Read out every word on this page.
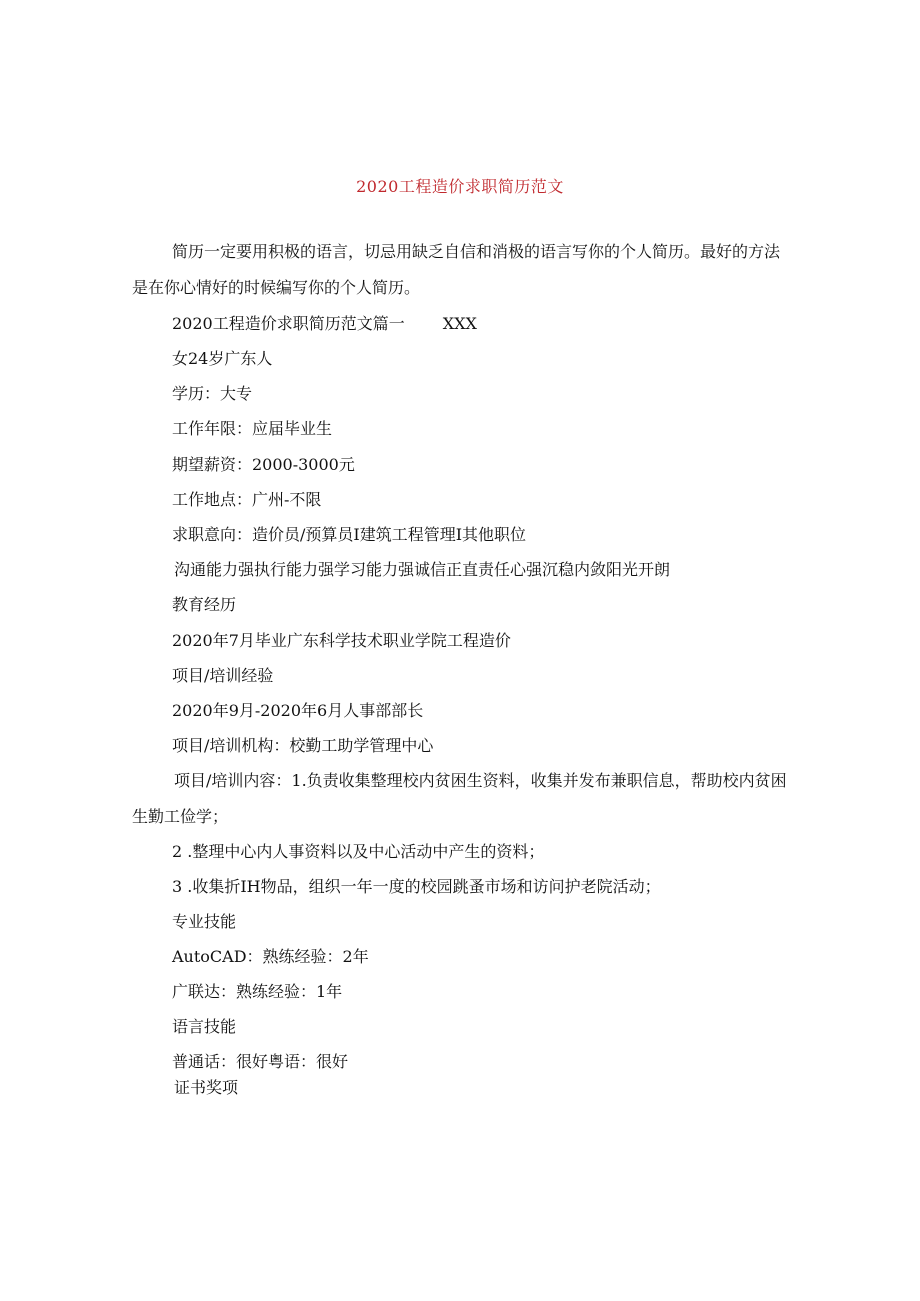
2020工程造价求职简历范文
简历一定要用积极的语言，切忌用缺乏自信和消极的语言写你的个人简历。最好的方法是在你心情好的时候编写你的个人简历。
2020工程造价求职简历范文篇一 XXX
女24岁广东人
学历：大专
工作年限：应届毕业生
期望薪资：2000-3000元
工作地点：广州-不限
求职意向：造价员/预算员I建筑工程管理I其他职位
沟通能力强执行能力强学习能力强诚信正直责任心强沉稳内敛阳光开朗
教育经历
2020年7月毕业广东科学技术职业学院工程造价
项目/培训经验
2020年9月-2020年6月人事部部长
项目/培训机构：校勤工助学管理中心
项目/培训内容：1.负责收集整理校内贫困生资料，收集并发布兼职信息，帮助校内贫困生勤工俭学；
2 .整理中心内人事资料以及中心活动中产生的资料；
3 .收集折IH物品，组织一年一度的校园跳蚤市场和访问护老院活动；
专业技能
AutoCAD：熟练经验：2年
广联达：熟练经验：1年
语言技能
普通话：很好粤语：很好
证书奖项
